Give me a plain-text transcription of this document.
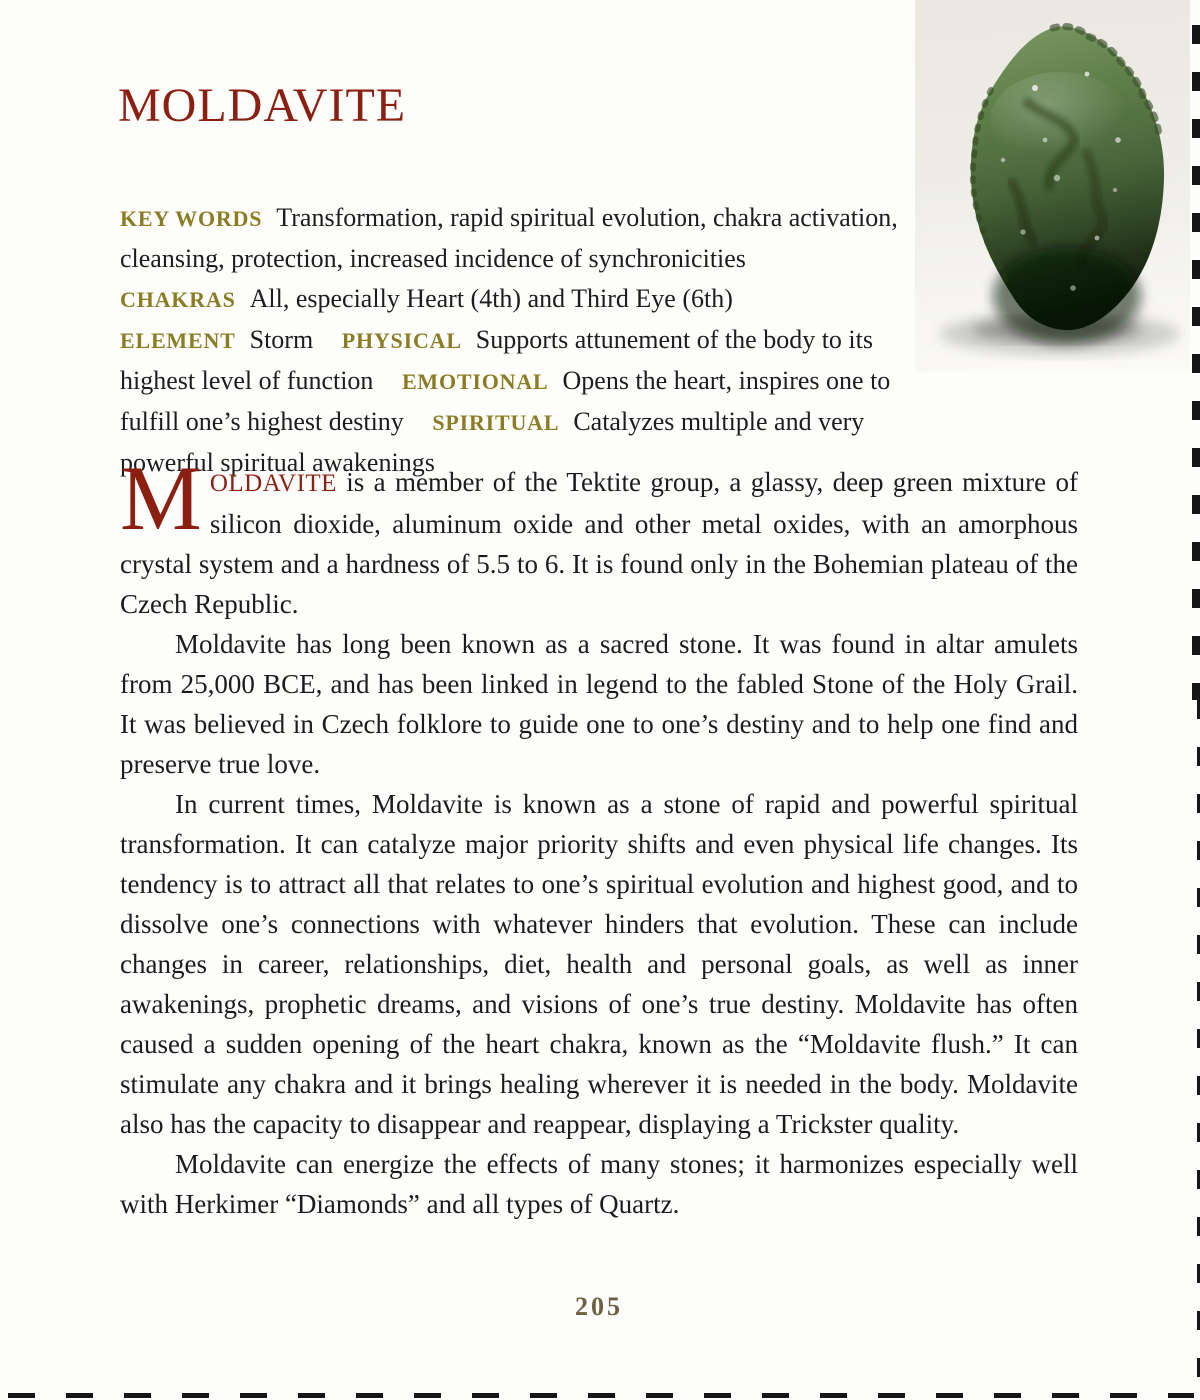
MOLDAVITE

KEY WORDS Transformation, rapid spiritual evolution, chakra activation, cleansing, protection, increased incidence of synchronicities CHAKRAS All, especially Heart (4th) and Third Eye (6th) ELEMENT Storm PHYSICAL Supports attunement of the body to its highest level of function EMOTIONAL Opens the heart, inspires one to fulfill one’s highest destiny SPIRITUAL Catalyzes multiple and very powerful spiritual awakenings

MOLDAVITE is a member of the Tektite group, a glassy, deep green mixture of silicon dioxide, aluminum oxide and other metal oxides, with an amorphous crystal system and a hardness of 5.5 to 6. It is found only in the Bohemian plateau of the Czech Republic.

Moldavite has long been known as a sacred stone. It was found in altar amulets from 25,000 BCE, and has been linked in legend to the fabled Stone of the Holy Grail. It was believed in Czech folklore to guide one to one’s destiny and to help one find and preserve true love.

In current times, Moldavite is known as a stone of rapid and powerful spiritual transformation. It can catalyze major priority shifts and even physical life changes. Its tendency is to attract all that relates to one’s spiritual evolution and highest good, and to dissolve one’s connections with whatever hinders that evolution. These can include changes in career, relationships, diet, health and personal goals, as well as inner awakenings, prophetic dreams, and visions of one’s true destiny. Moldavite has often caused a sudden opening of the heart chakra, known as the “Moldavite flush.” It can stimulate any chakra and it brings healing wherever it is needed in the body. Moldavite also has the capacity to disappear and reappear, displaying a Trickster quality.

Moldavite can energize the effects of many stones; it harmonizes especially well with Herkimer “Diamonds” and all types of Quartz.

205
